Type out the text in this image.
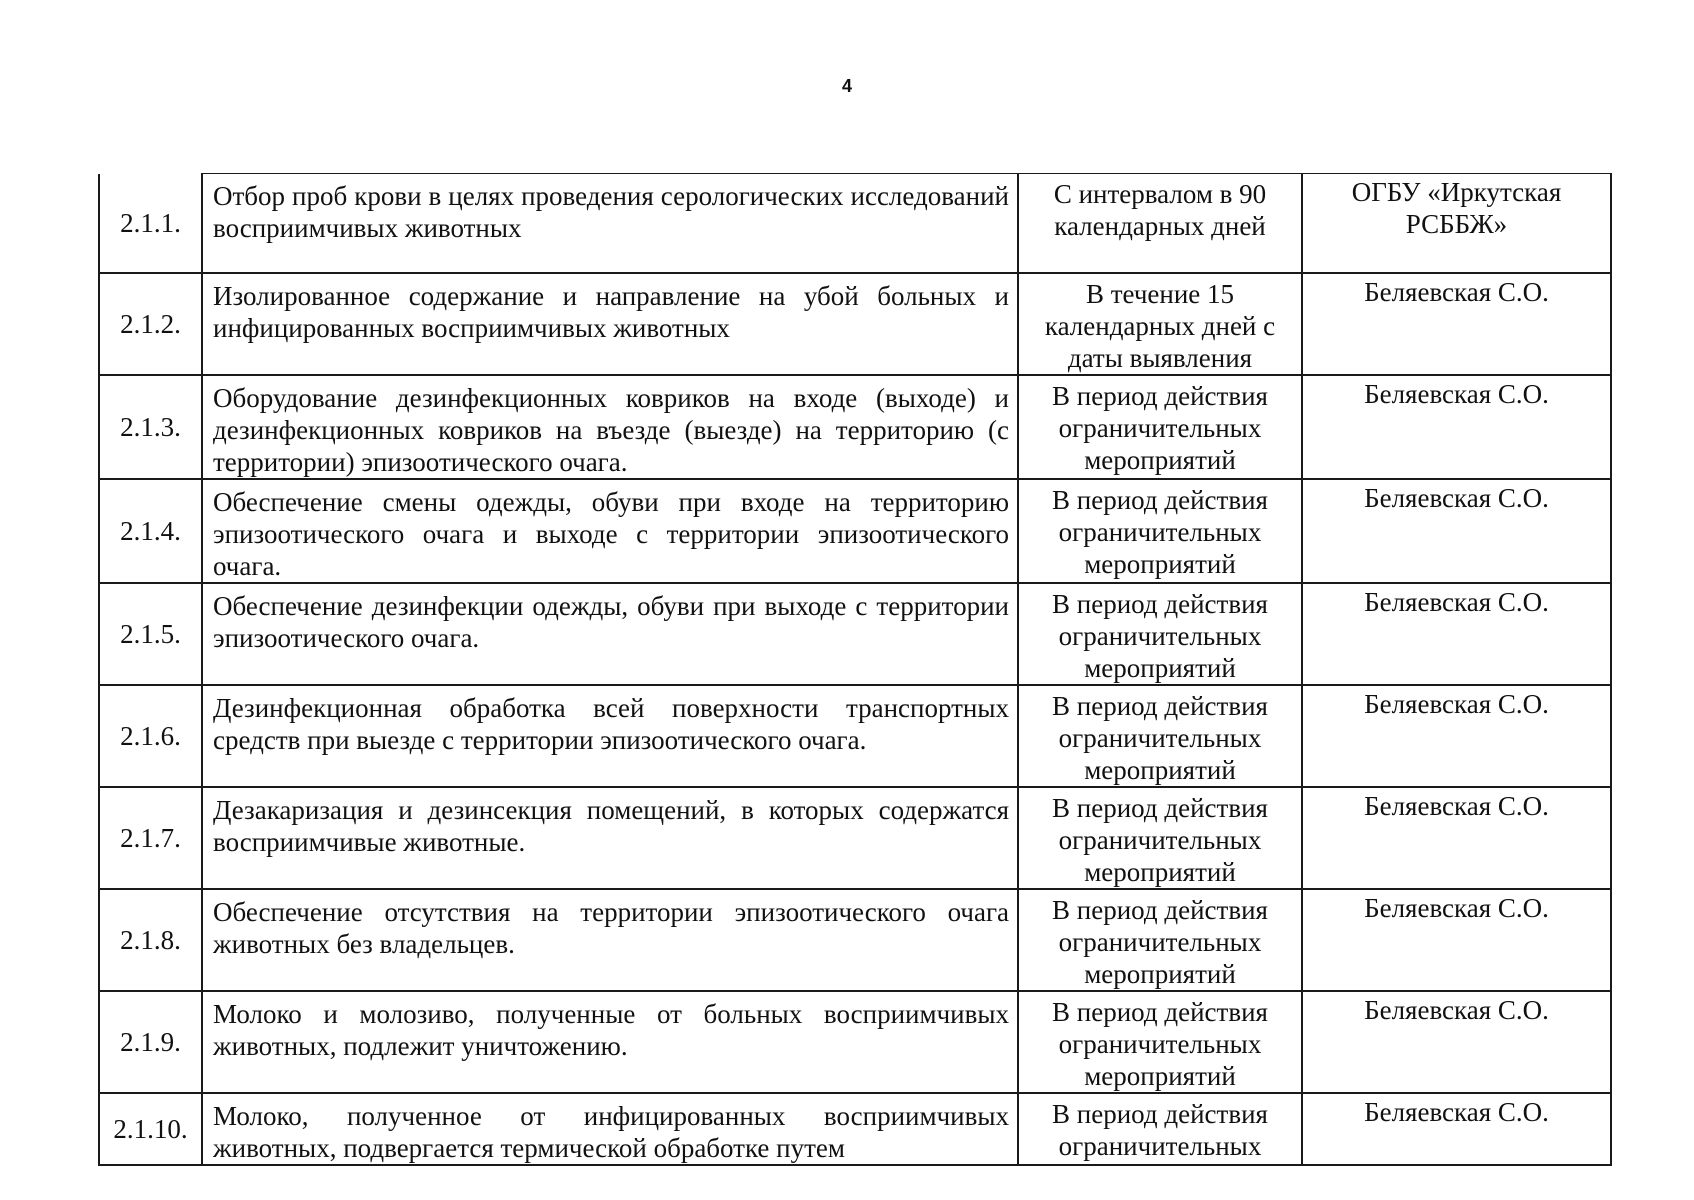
4
2.1.1.	Отбор проб крови в целях проведения серологических исследований восприимчивых животных	С интервалом в 90 календарных дней	ОГБУ «Иркутская РСББЖ»
2.1.2.	Изолированное содержание и направление на убой больных и инфицированных восприимчивых животных	В течение 15 календарных дней с даты выявления	Беляевская С.О.
2.1.3.	Оборудование дезинфекционных ковриков на входе (выходе) и дезинфекционных ковриков на въезде (выезде) на территорию (с территории) эпизоотического очага.	В период действия ограничительных мероприятий	Беляевская С.О.
2.1.4.	Обеспечение смены одежды, обуви при входе на территорию эпизоотического очага и выходе с территории эпизоотического очага.	В период действия ограничительных мероприятий	Беляевская С.О.
2.1.5.	Обеспечение дезинфекции одежды, обуви при выходе с территории эпизоотического очага.	В период действия ограничительных мероприятий	Беляевская С.О.
2.1.6.	Дезинфекционная обработка всей поверхности транспортных средств при выезде с территории эпизоотического очага.	В период действия ограничительных мероприятий	Беляевская С.О.
2.1.7.	Дезакаризация и дезинсекция помещений, в которых содержатся восприимчивые животные.	В период действия ограничительных мероприятий	Беляевская С.О.
2.1.8.	Обеспечение отсутствия на территории эпизоотического очага животных без владельцев.	В период действия ограничительных мероприятий	Беляевская С.О.
2.1.9.	Молоко и молозиво, полученные от больных восприимчивых животных, подлежит уничтожению.	В период действия ограничительных мероприятий	Беляевская С.О.
2.1.10.	Молоко, полученное от инфицированных восприимчивых животных, подвергается термической обработке путем	В период действия ограничительных	Беляевская С.О.
